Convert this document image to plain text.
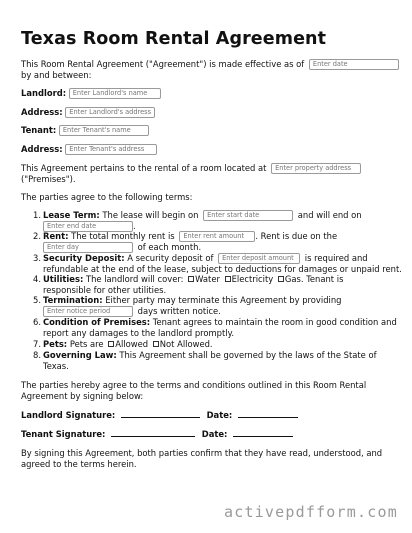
Texas Room Rental Agreement
This Room Rental Agreement ("Agreement") is made effective as of Enter date
by and between:
Landlord: Enter Landlord's name
Address: Enter Landlord's address
Tenant: Enter Tenant's name
Address: Enter Tenant's address
This Agreement pertains to the rental of a room located at Enter property address
("Premises").
The parties agree to the following terms:
1. Lease Term: The lease will begin on Enter start date	and will end on
Enter end date	.
2. Rent: The total monthly rent is Enter rent amount . Rent is due on the
Enter day	of each month.
3. Security Deposit: A security deposit of Enter deposit amount is required and
refundable at the end of the lease, subject to deductions for damages or unpaid rent.
4. Utilities: The landlord will cover: Water Electricity Gas. Tenant is
responsible for other utilities.
5. Termination: Either party may terminate this Agreement by providing
Enter notice period	days written notice.
6. Condition of Premises: Tenant agrees to maintain the room in good condition and
report any damages to the landlord promptly.
7. Pets: Pets are Allowed Not Allowed.
8. Governing Law: This Agreement shall be governed by the laws of the State of
Texas.
The parties hereby agree to the terms and conditions outlined in this Room Rental
Agreement by signing below:
Landlord Signature:	Date:
Tenant Signature:	Date:
By signing this Agreement, both parties confirm that they have read, understood, and
agreed to the terms herein.
activepdfform.com
